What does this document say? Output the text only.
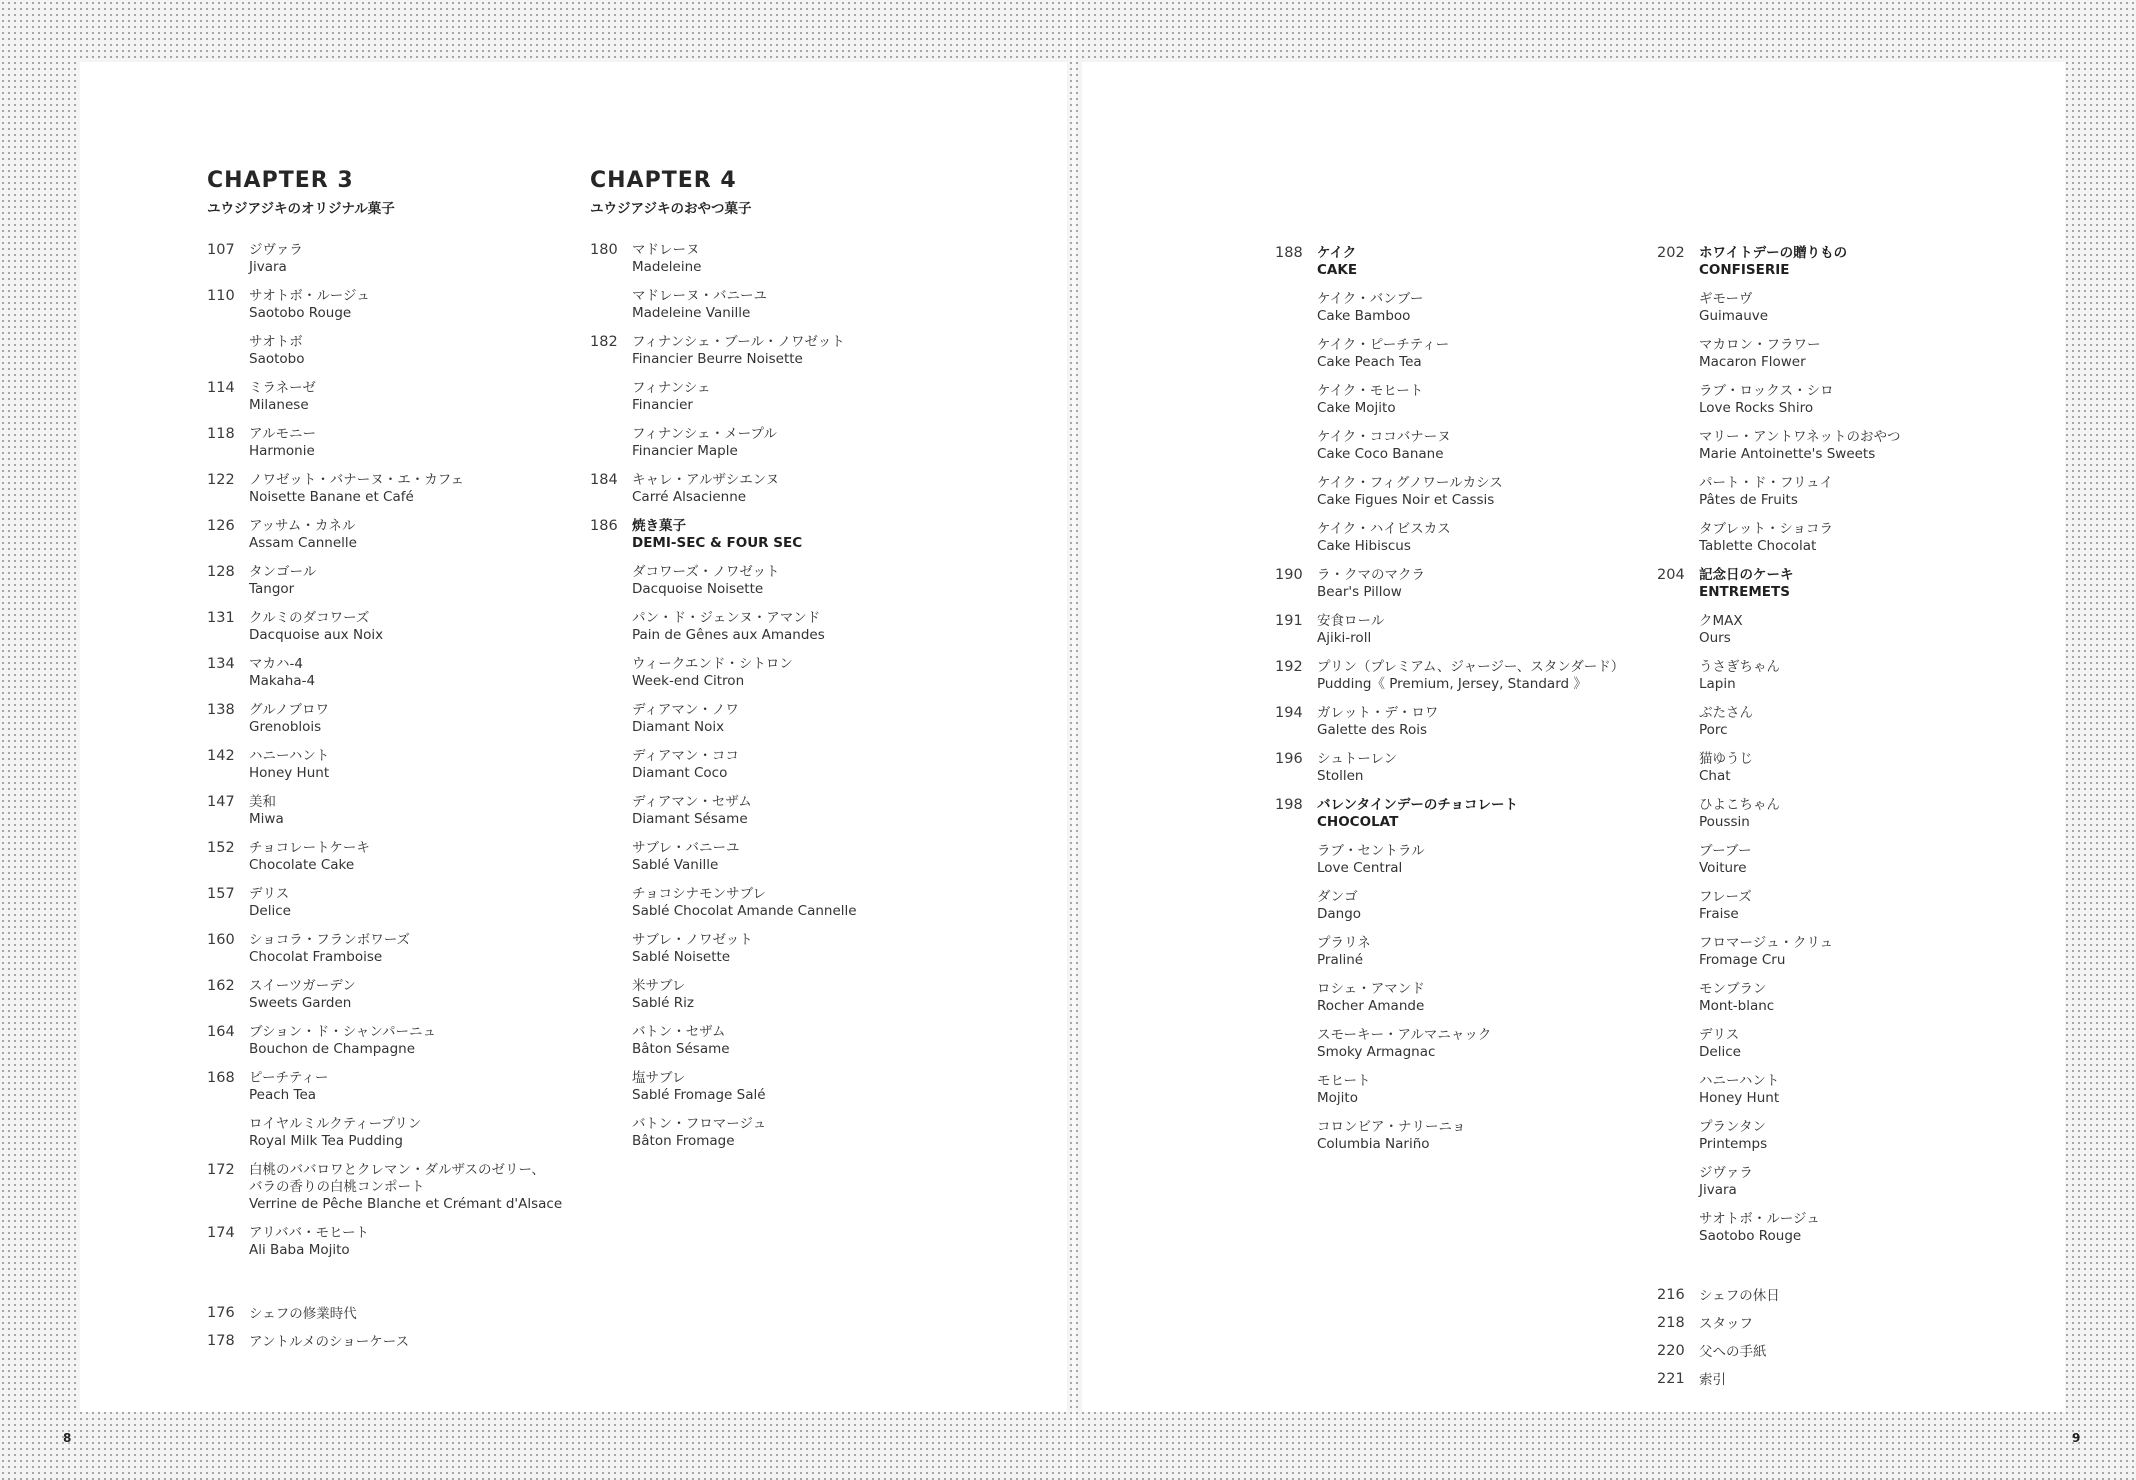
CHAPTER 3
ユウジアジキのオリジナル菓子
107	ジヴァラ
Jivara
110	サオトボ・ルージュ
Saotobo Rouge
サオトボ
Saotobo
114	ミラネーゼ
Milanese
118	アルモニー
Harmonie
122	ノワゼット・バナーヌ・エ・カフェ
Noisette Banane et Café
126	アッサム・カネル
Assam Cannelle
128	タンゴール
Tangor
131	クルミのダコワーズ
Dacquoise aux Noix
134	マカハ-4
Makaha-4
138	グルノブロワ
Grenoblois
142	ハニーハント
Honey Hunt
147	美和
Miwa
152	チョコレートケーキ
Chocolate Cake
157	デリス
Delice
160	ショコラ・フランボワーズ
Chocolat Framboise
162	スイーツガーデン
Sweets Garden
164	ブション・ド・シャンパーニュ
Bouchon de Champagne
168	ピーチティー
Peach Tea
ロイヤルミルクティープリン
Royal Milk Tea Pudding
172	白桃のババロワとクレマン・ダルザスのゼリー、
バラの香りの白桃コンポート
Verrine de Pêche Blanche et Crémant d'Alsace
174	アリババ・モヒート
Ali Baba Mojito
176	シェフの修業時代
178	アントルメのショーケース
CHAPTER 4
ユウジアジキのおやつ菓子
180	マドレーヌ
Madeleine
マドレーヌ・バニーユ
Madeleine Vanille
182	フィナンシェ・ブール・ノワゼット
Financier Beurre Noisette
フィナンシェ
Financier
フィナンシェ・メープル
Financier Maple
184	キャレ・アルザシエンヌ
Carré Alsacienne
186	焼き菓子
DEMI-SEC & FOUR SEC
ダコワーズ・ノワゼット
Dacquoise Noisette
パン・ド・ジェンヌ・アマンド
Pain de Gênes aux Amandes
ウィークエンド・シトロン
Week-end Citron
ディアマン・ノワ
Diamant Noix
ディアマン・ココ
Diamant Coco
ディアマン・セザム
Diamant Sésame
サブレ・バニーユ
Sablé Vanille
チョコシナモンサブレ
Sablé Chocolat Amande Cannelle
サブレ・ノワゼット
Sablé Noisette
米サブレ
Sablé Riz
バトン・セザム
Bâton Sésame
塩サブレ
Sablé Fromage Salé
バトン・フロマージュ
Bâton Fromage
188	ケイク
CAKE
ケイク・バンブー
Cake Bamboo
ケイク・ピーチティー
Cake Peach Tea
ケイク・モヒート
Cake Mojito
ケイク・ココバナーヌ
Cake Coco Banane
ケイク・フィグノワールカシス
Cake Figues Noir et Cassis
ケイク・ハイビスカス
Cake Hibiscus
190	ラ・クマのマクラ
Bear's Pillow
191	安食ロール
Ajiki-roll
192	プリン（プレミアム、ジャージー、スタンダード）
Pudding《 Premium, Jersey, Standard 》
194	ガレット・デ・ロワ
Galette des Rois
196	シュトーレン
Stollen
198	バレンタインデーのチョコレート
CHOCOLAT
ラブ・セントラル
Love Central
ダンゴ
Dango
プラリネ
Praliné
ロシェ・アマンド
Rocher Amande
スモーキー・アルマニャック
Smoky Armagnac
モヒート
Mojito
コロンビア・ナリーニョ
Columbia Nariño
202	ホワイトデーの贈りもの
CONFISERIE
ギモーヴ
Guimauve
マカロン・フラワー
Macaron Flower
ラブ・ロックス・シロ
Love Rocks Shiro
マリー・アントワネットのおやつ
Marie Antoinette's Sweets
パート・ド・フリュイ
Pâtes de Fruits
タブレット・ショコラ
Tablette Chocolat
204	記念日のケーキ
ENTREMETS
クMAX
Ours
うさぎちゃん
Lapin
ぶたさん
Porc
猫ゆうじ
Chat
ひよこちゃん
Poussin
ブーブー
Voiture
フレーズ
Fraise
フロマージュ・クリュ
Fromage Cru
モンブラン
Mont-blanc
デリス
Delice
ハニーハント
Honey Hunt
プランタン
Printemps
ジヴァラ
Jivara
サオトボ・ルージュ
Saotobo Rouge
216	シェフの休日
218	スタッフ
220	父への手紙
221	索引
8	9
